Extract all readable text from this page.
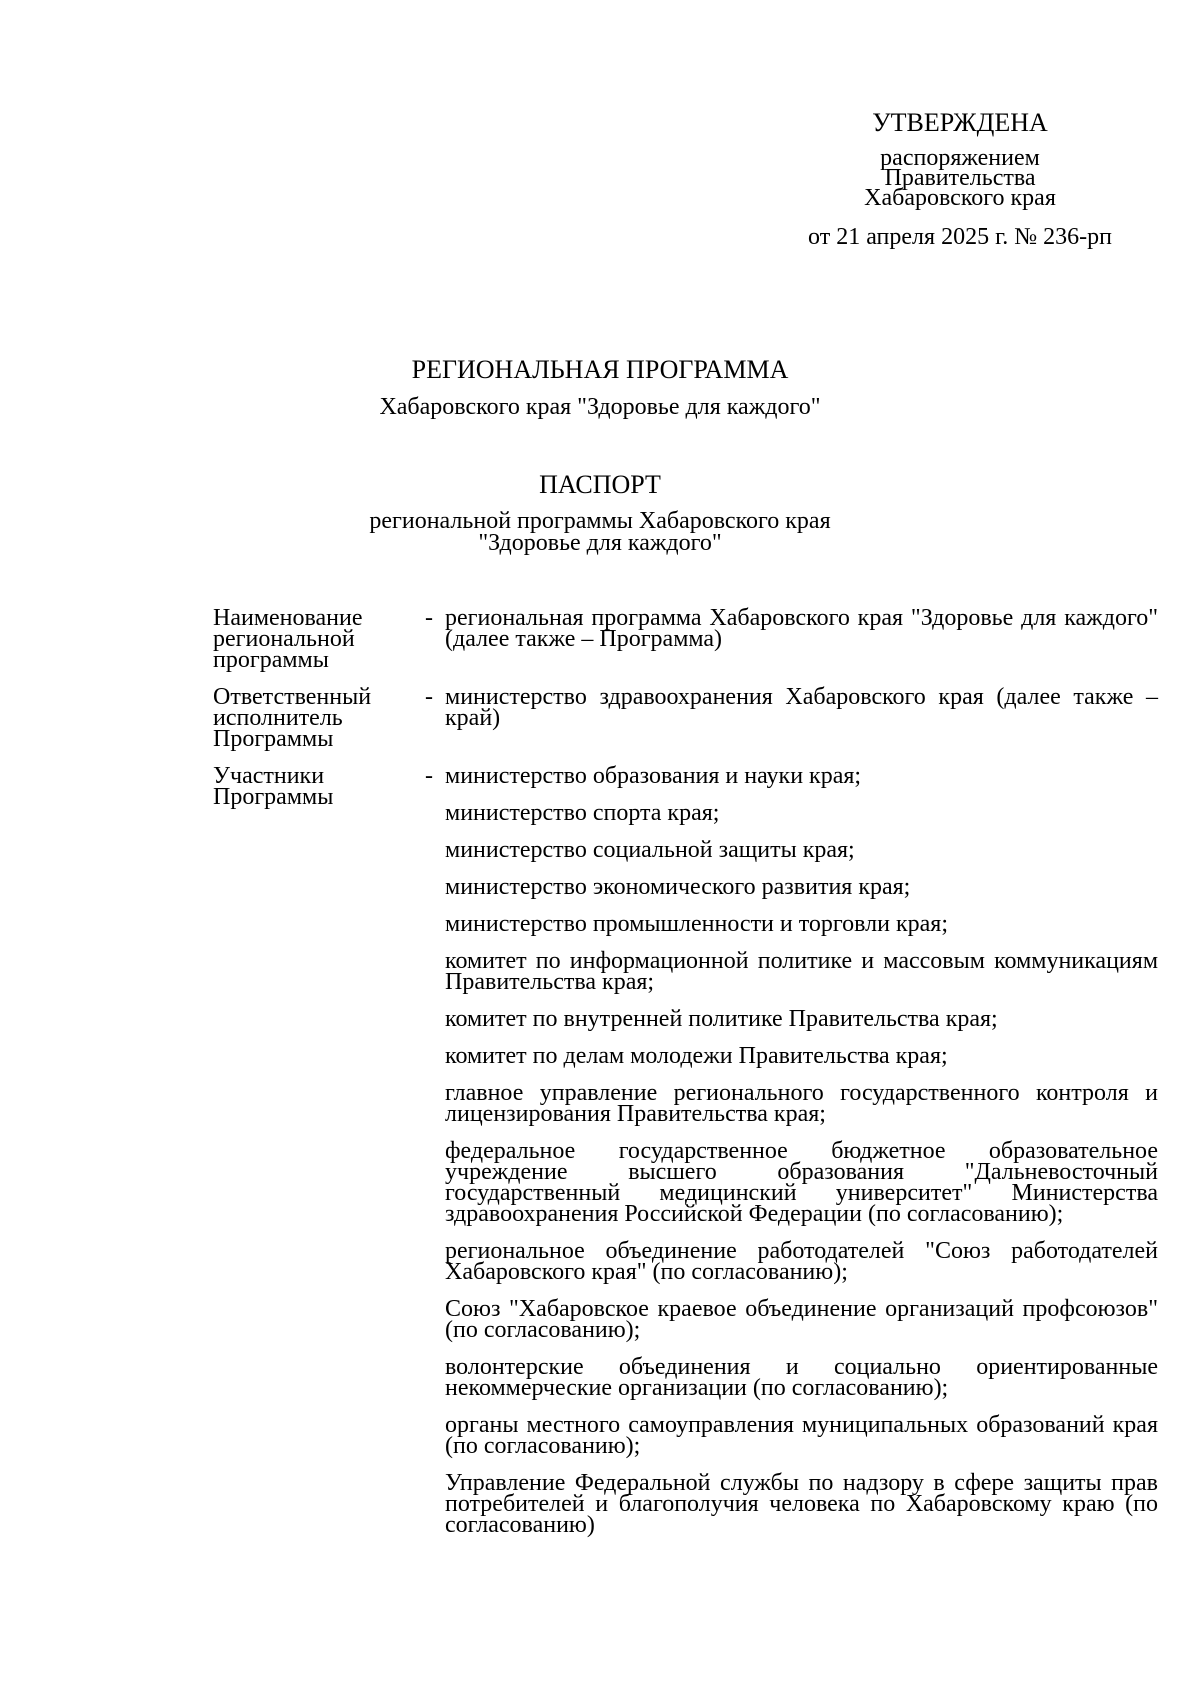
УТВЕРЖДЕНА
распоряжением
Правительства
Хабаровского края
от 21 апреля 2025 г. № 236-рп
РЕГИОНАЛЬНАЯ ПРОГРАММА
Хабаровского края "Здоровье для каждого"
ПАСПОРТ
региональной программы Хабаровского края
"Здоровье для каждого"
Наименование региональной программы
- региональная программа Хабаровского края "Здоровье для каждого" (далее также – Программа)
Ответственный исполнитель Программы
- министерство здравоохранения Хабаровского края (далее также – край)
Участники Программы
- министерство образования и науки края;
министерство спорта края;
министерство социальной защиты края;
министерство экономического развития края;
министерство промышленности и торговли края;
комитет по информационной политике и массовым коммуникациям Правительства края;
комитет по внутренней политике Правительства края;
комитет по делам молодежи Правительства края;
главное управление регионального государственного контроля и лицензирования Правительства края;
федеральное государственное бюджетное образовательное учреждение высшего образования "Дальневосточный государственный медицинский университет" Министерства здравоохранения Российской Федерации (по согласованию);
региональное объединение работодателей "Союз работодателей Хабаровского края" (по согласованию);
Союз "Хабаровское краевое объединение организаций профсоюзов" (по согласованию);
волонтерские объединения и социально ориентированные некоммерческие организации (по согласованию);
органы местного самоуправления муниципальных образований края (по согласованию);
Управление Федеральной службы по надзору в сфере защиты прав потребителей и благополучия человека по Хабаровскому краю (по согласованию)
